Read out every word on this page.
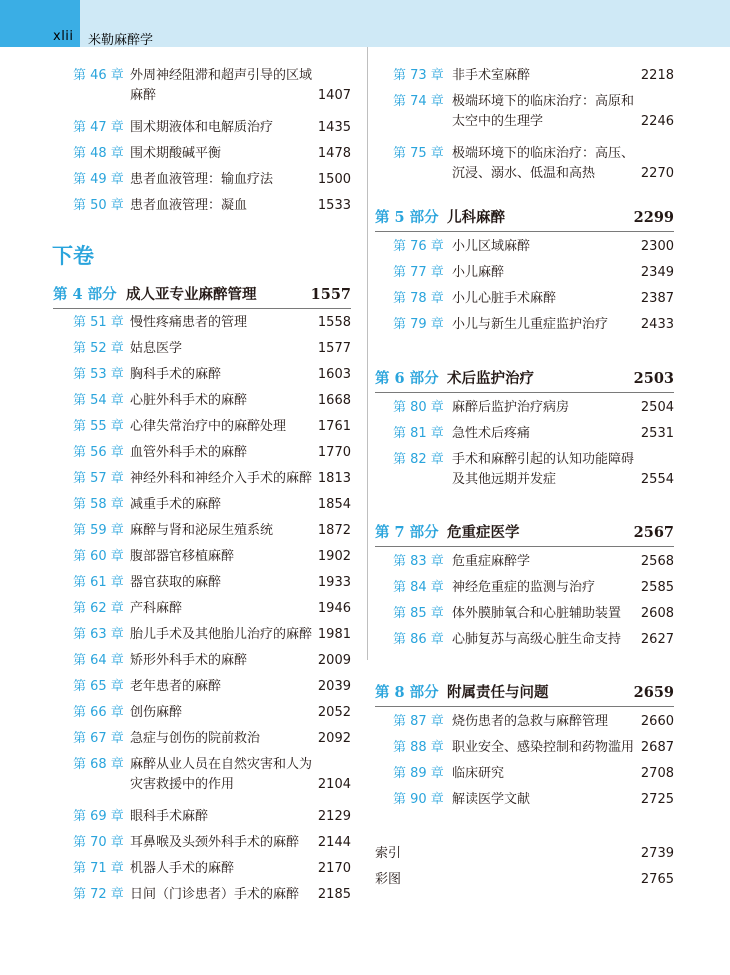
xlii 米勒麻醉学
下卷
第 46 章 外周神经阻滞和超声引导的区域
麻醉	1407
第 47 章 围术期液体和电解质治疗	1435
第 48 章 围术期酸碱平衡	1478
第 49 章 患者血液管理：输血疗法	1500
第 50 章 患者血液管理：凝血	1533
第 4 部分 成人亚专业麻醉管理	1557
第 51 章 慢性疼痛患者的管理	1558
第 52 章 姑息医学	1577
第 53 章 胸科手术的麻醉	1603
第 54 章 心脏外科手术的麻醉	1668
第 55 章 心律失常治疗中的麻醉处理 1761
第 56 章 血管外科手术的麻醉	1770
第 57 章 神经外科和神经介入手术的麻醉 1813
第 58 章 减重手术的麻醉	1854
第 59 章 麻醉与肾和泌尿生殖系统	1872
第 60 章 腹部器官移植麻醉	1902
第 61 章 器官获取的麻醉	1933
第 62 章 产科麻醉	1946
第 63 章 胎儿手术及其他胎儿治疗的麻醉 1981
第 64 章 矫形外科手术的麻醉	2009
第 65 章 老年患者的麻醉	2039
第 66 章 创伤麻醉	2052
第 67 章 急症与创伤的院前救治	2092
第 68 章 麻醉从业人员在自然灾害和人为
灾害救援中的作用	2104
第 69 章 眼科手术麻醉	2129
第 70 章 耳鼻喉及头颈外科手术的麻醉 2144
第 71 章 机器人手术的麻醉	2170
第 72 章 日间（门诊患者）手术的麻醉 2185
第 73 章 非手术室麻醉	2218
第 74 章 极端环境下的临床治疗：高原和
太空中的生理学	2246
第 75 章 极端环境下的临床治疗：高压、
沉浸、溺水、低温和高热	2270
第 5 部分 儿科麻醉	2299
第 76 章 小儿区域麻醉	2300
第 77 章 小儿麻醉	2349
第 78 章 小儿心脏手术麻醉	2387
第 79 章 小儿与新生儿重症监护治疗	2433
第 6 部分 术后监护治疗	2503
第 80 章 麻醉后监护治疗病房	2504
第 81 章 急性术后疼痛	2531
第 82 章 手术和麻醉引起的认知功能障碍
及其他远期并发症	2554
第 7 部分 危重症医学	2567
第 83 章 危重症麻醉学	2568
第 84 章 神经危重症的监测与治疗	2585
第 85 章 体外膜肺氧合和心脏辅助装置 2608
第 86 章 心肺复苏与高级心脏生命支持 2627
第 8 部分 附属责任与问题	2659
第 87 章 烧伤患者的急救与麻醉管理	2660
第 88 章 职业安全、感染控制和药物滥用 2687
第 89 章 临床研究	2708
第 90 章 解读医学文献	2725
索引	2739
彩图	2765
